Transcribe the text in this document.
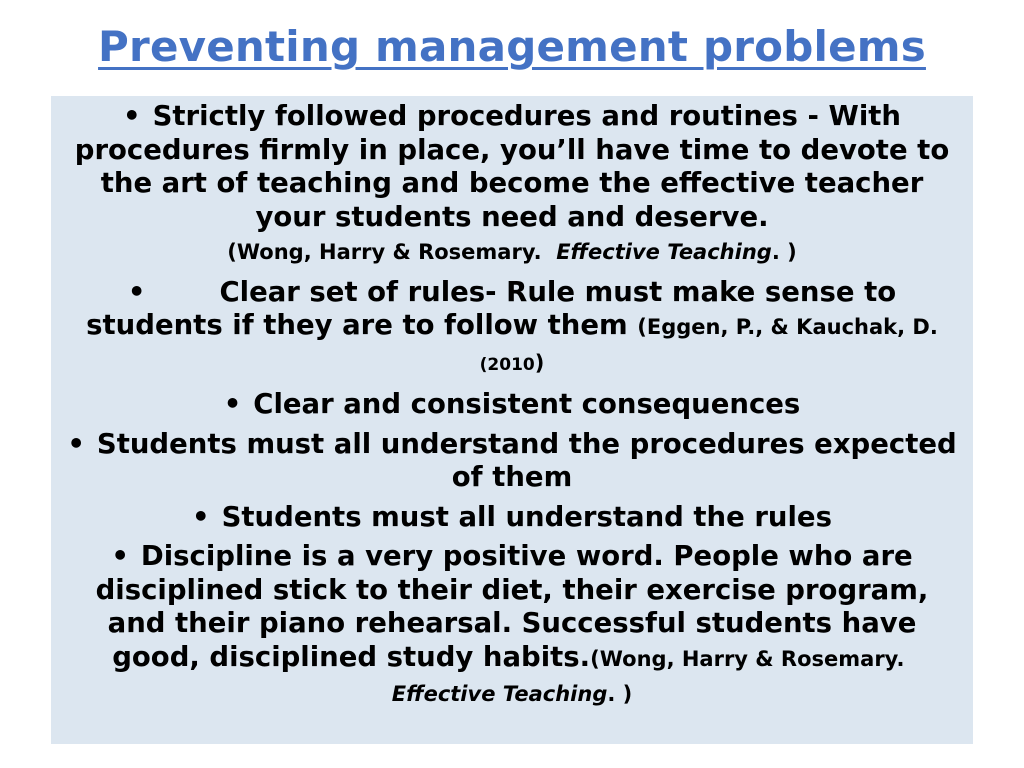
Preventing management problems
• Strictly followed procedures and routines - With procedures firmly in place, you’ll have time to devote to the art of teaching and become the effective teacher your students need and deserve.
(Wong, Harry & Rosemary. Effective Teaching. )
•	Clear set of rules- Rule must make sense to students if they are to follow them (Eggen, P., & Kauchak, D. (2010)
• Clear and consistent consequences
• Students must all understand the procedures expected of them
• Students must all understand the rules
• Discipline is a very positive word. People who are disciplined stick to their diet, their exercise program, and their piano rehearsal. Successful students have good, disciplined study habits.(Wong, Harry & Rosemary.  Effective Teaching. )
